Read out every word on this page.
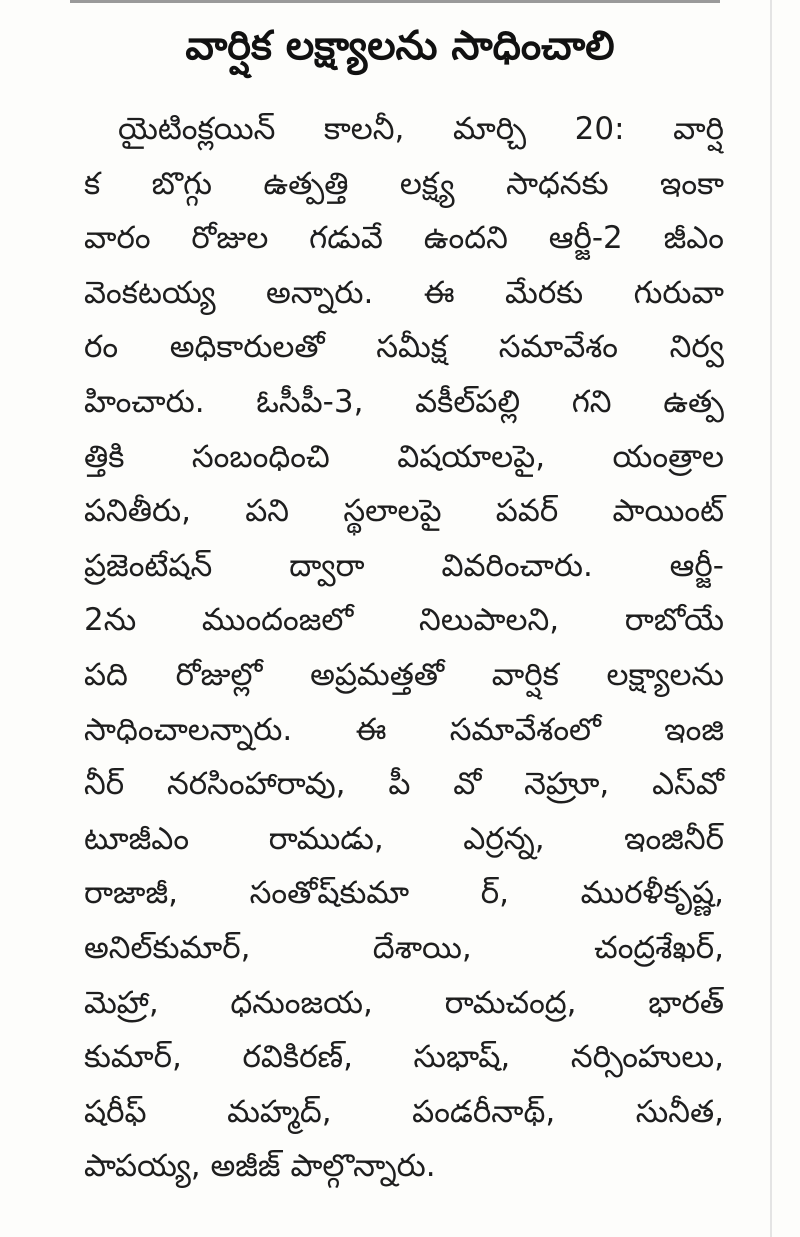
వార్షిక లక్ష్యాలను సాధించాలి
యైటింక్లయిన్ కాలనీ, మార్చి 20: వార్షి
క బొగ్గు ఉత్పత్తి లక్ష్య సాధనకు ఇంకా
వారం రోజుల గడువే ఉందని ఆర్జీ-2 జీఎం
వెంకటయ్య అన్నారు. ఈ మేరకు గురువా
రం అధికారులతో సమీక్ష సమావేశం నిర్వ
హించారు. ఓసీపీ-3, వకీల్‌పల్లి గని ఉత్ప
త్తికి సంబంధించి విషయాలపై, యంత్రాల
పనితీరు, పని స్థలాలపై పవర్ పాయింట్
ప్రజెంటేషన్ ద్వారా వివరించారు. ఆర్జీ-
2ను ముందంజలో నిలుపాలని, రాబోయే
పది రోజుల్లో అప్రమత్తతో వార్షిక లక్ష్యాలను
సాధించాలన్నారు. ఈ సమావేశంలో ఇంజి
నీర్ నరసింహారావు, పీ వో నెహ్రూ, ఎస్‌వో
టూజీఎం రాముడు, ఎర్రన్న, ఇంజినీర్
రాజాజీ, సంతోష్‌కుమా ర్, మురళీకృష్ణ,
అనిల్‌కుమార్, దేశాయి, చంద్రశేఖర్,
మెహ్రా, ధనుంజయ, రామచంద్ర, భారత్
కుమార్, రవికిరణ్, సుభాష్, నర్సింహులు,
షరీఫ్ మహ్మద్, పండరీనాథ్, సునీత,
పాపయ్య, అజీజ్ పాల్గొన్నారు.
